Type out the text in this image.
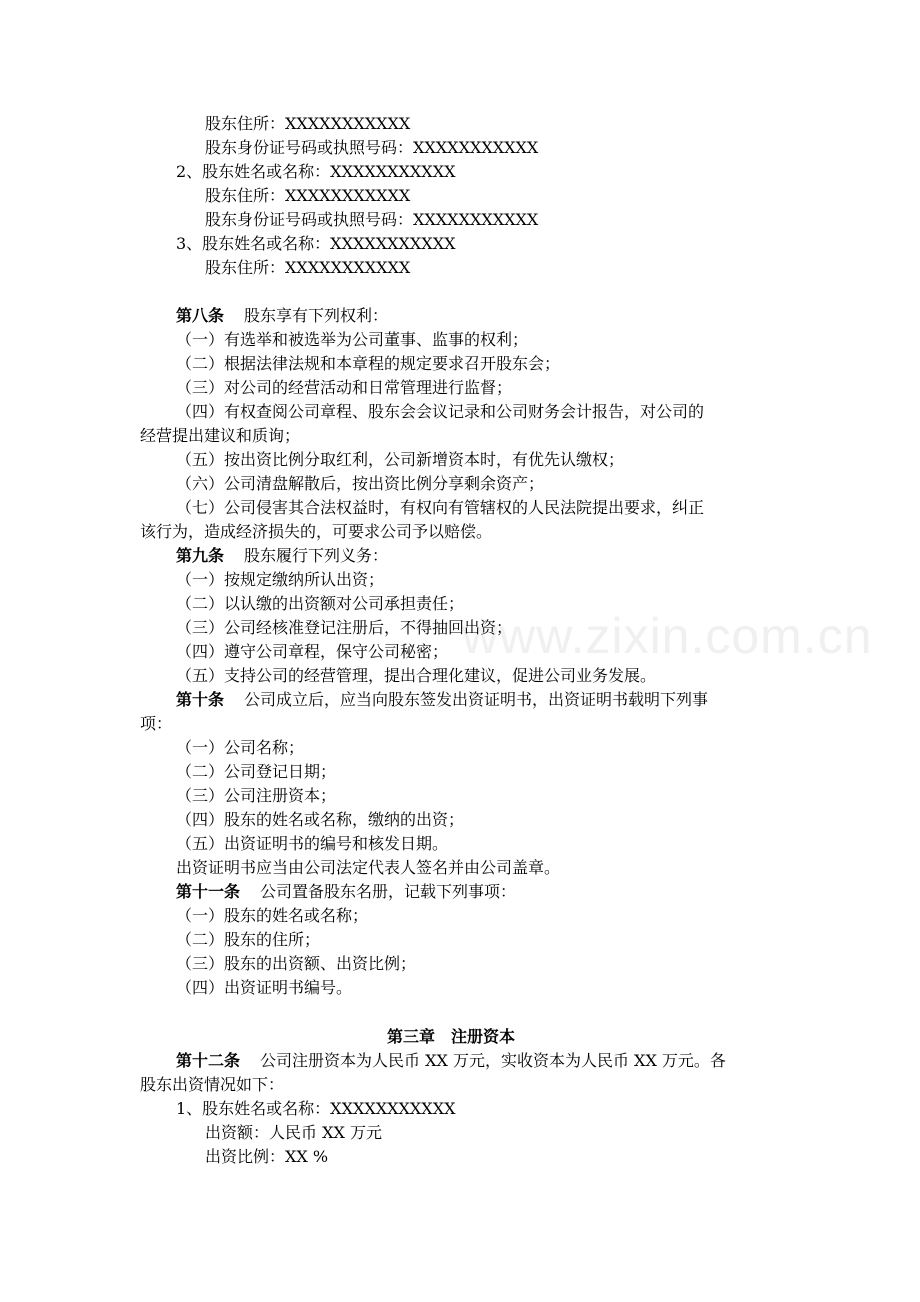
www.zixin.com.cn
股东住所：XXXXXXXXXXX
股东身份证号码或执照号码：XXXXXXXXXXX
2、股东姓名或名称：XXXXXXXXXXX
股东住所：XXXXXXXXXXX
股东身份证号码或执照号码：XXXXXXXXXXX
3、股东姓名或名称：XXXXXXXXXXX
股东住所：XXXXXXXXXXX
第八条 股东享有下列权利：
（一）有选举和被选举为公司董事、监事的权利；
（二）根据法律法规和本章程的规定要求召开股东会；
（三）对公司的经营活动和日常管理进行监督；
（四）有权查阅公司章程、股东会会议记录和公司财务会计报告，对公司的
经营提出建议和质询；
（五）按出资比例分取红利，公司新增资本时，有优先认缴权；
（六）公司清盘解散后，按出资比例分享剩余资产；
（七）公司侵害其合法权益时，有权向有管辖权的人民法院提出要求，纠正
该行为，造成经济损失的，可要求公司予以赔偿。
第九条 股东履行下列义务：
（一）按规定缴纳所认出资；
（二）以认缴的出资额对公司承担责任；
（三）公司经核准登记注册后，不得抽回出资；
（四）遵守公司章程，保守公司秘密；
（五）支持公司的经营管理，提出合理化建议，促进公司业务发展。
第十条 公司成立后，应当向股东签发出资证明书，出资证明书载明下列事
项：
（一）公司名称；
（二）公司登记日期；
（三）公司注册资本；
（四）股东的姓名或名称，缴纳的出资；
（五）出资证明书的编号和核发日期。
出资证明书应当由公司法定代表人签名并由公司盖章。
第十一条 公司置备股东名册，记载下列事项：
（一）股东的姓名或名称；
（二）股东的住所；
（三）股东的出资额、出资比例；
（四）出资证明书编号。
第三章　注册资本
第十二条 公司注册资本为人民币 XX 万元，实收资本为人民币 XX 万元。各
股东出资情况如下：
1、股东姓名或名称：XXXXXXXXXXX
出资额：人民币 XX 万元
出资比例：XX %
